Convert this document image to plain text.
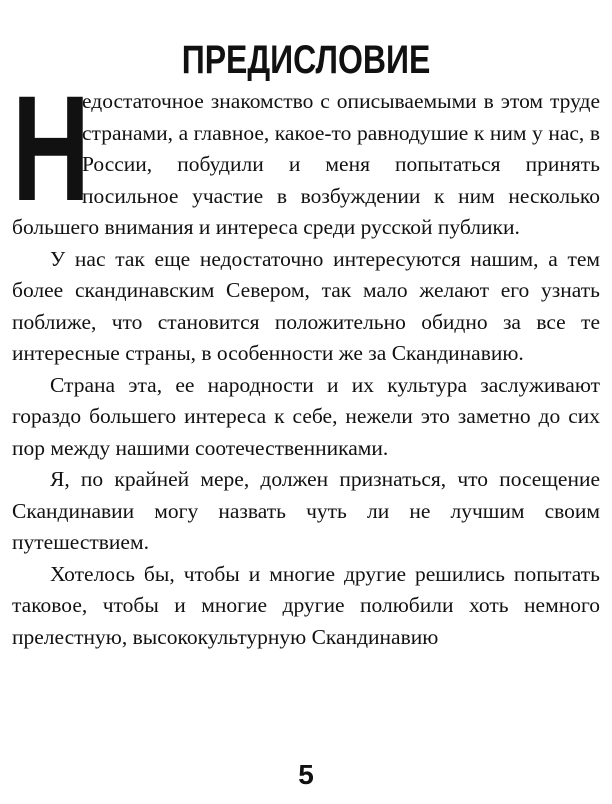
ПРЕДИСЛОВИЕ

Н
едостаточное знакомство с описываемыми в этом труде странами, а главное, какое-то равнодушие к ним у нас, в России, побудили и меня попытаться принять посильное участие в возбуждении к ним несколько большего внимания и интереса среди русской публики.

У нас так еще недостаточно интересуются нашим, а тем более скандинавским Севером, так мало желают его узнать поближе, что становится положительно обидно за все те интересные страны, в особенности же за Скандинавию.

Страна эта, ее народности и их культура заслуживают гораздо большего интереса к себе, нежели это заметно до сих пор между нашими соотечественниками.

Я, по крайней мере, должен признаться, что посещение Скандинавии могу назвать чуть ли не лучшим своим путешествием.

Хотелось бы, чтобы и многие другие решились попытать таковое, чтобы и многие другие полюбили хоть немного прелестную, высококультурную Скандинавию

5
